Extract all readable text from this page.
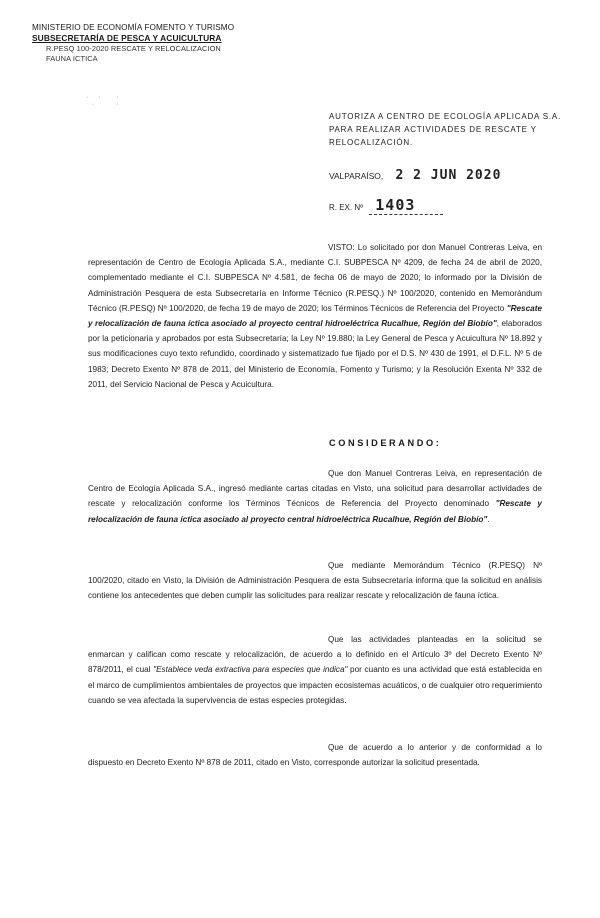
MINISTERIO DE ECONOMÍA FOMENTO Y TURISMO
SUBSECRETARÍA DE PESCA Y ACUICULTURA
R.PESQ 100-2020 RESCATE Y RELOCALIZACION
FAUNA ICTICA
· ·  ·
·   ·
AUTORIZA A CENTRO DE ECOLOGÍA APLICADA S.A. PARA REALIZAR ACTIVIDADES DE RESCATE Y RELOCALIZACIÓN.
VALPARAÍSO, 2 2 JUN 2020
R. EX. Nº 1403
VISTO: Lo solicitado por don Manuel Contreras Leiva, en representación de Centro de Ecología Aplicada S.A., mediante C.I. SUBPESCA Nº 4209, de fecha 24 de abril de 2020, complementado mediante el C.I. SUBPESCA Nº 4.581, de fecha 06 de mayo de 2020; lo informado por la División de Administración Pesquera de esta Subsecretaría en Informe Técnico (R.PESQ.) Nº 100/2020, contenido en Memorándum Técnico (R.PESQ) Nº 100/2020, de fecha 19 de mayo de 2020; los Términos Técnicos de Referencia del Proyecto "Rescate y relocalización de fauna íctica asociado al proyecto central hidroeléctrica Rucalhue, Región del Biobío", elaborados por la peticionaria y aprobados por esta Subsecretaría; la Ley Nº 19.880; la Ley General de Pesca y Acuicultura Nº 18.892 y sus modificaciones cuyo texto refundido, coordinado y sistematizado fue fijado por el D.S. Nº 430 de 1991, el D.F.L. Nº 5 de 1983; Decreto Exento Nº 878 de 2011, del Ministerio de Economía, Fomento y Turismo; y la Resolución Exenta Nº 332 de 2011, del Servicio Nacional de Pesca y Acuicultura.
CONSIDERANDO:
Que don Manuel Contreras Leiva, en representación de Centro de Ecología Aplicada S.A., ingresó mediante cartas citadas en Visto, una solicitud para desarrollar actividades de rescate y relocalización conforme los Términos Técnicos de Referencia del Proyecto denominado "Rescate y relocalización de fauna íctica asociado al proyecto central hidroeléctrica Rucalhue, Región del Biobío".
Que mediante Memorándum Técnico (R.PESQ) Nº 100/2020, citado en Visto, la División de Administración Pesquera de esta Subsecretaría informa que la solicitud en análisis contiene los antecedentes que deben cumplir las solicitudes para realizar rescate y relocalización de fauna íctica.
Que las actividades planteadas en la solicitud se enmarcan y califican como rescate y relocalización, de acuerdo a lo definido en el Artículo 3º del Decreto Exento Nº 878/2011, el cual "Establece veda extractiva para especies que indica" por cuanto es una actividad que está establecida en el marco de cumplimientos ambientales de proyectos que impacten ecosistemas acuáticos, o de cualquier otro requerimiento cuando se vea afectada la supervivencia de estas especies protegidas.
Que de acuerdo a lo anterior y de conformidad a lo dispuesto en Decreto Exento Nº 878 de 2011, citado en Visto, corresponde autorizar la solicitud presentada.
